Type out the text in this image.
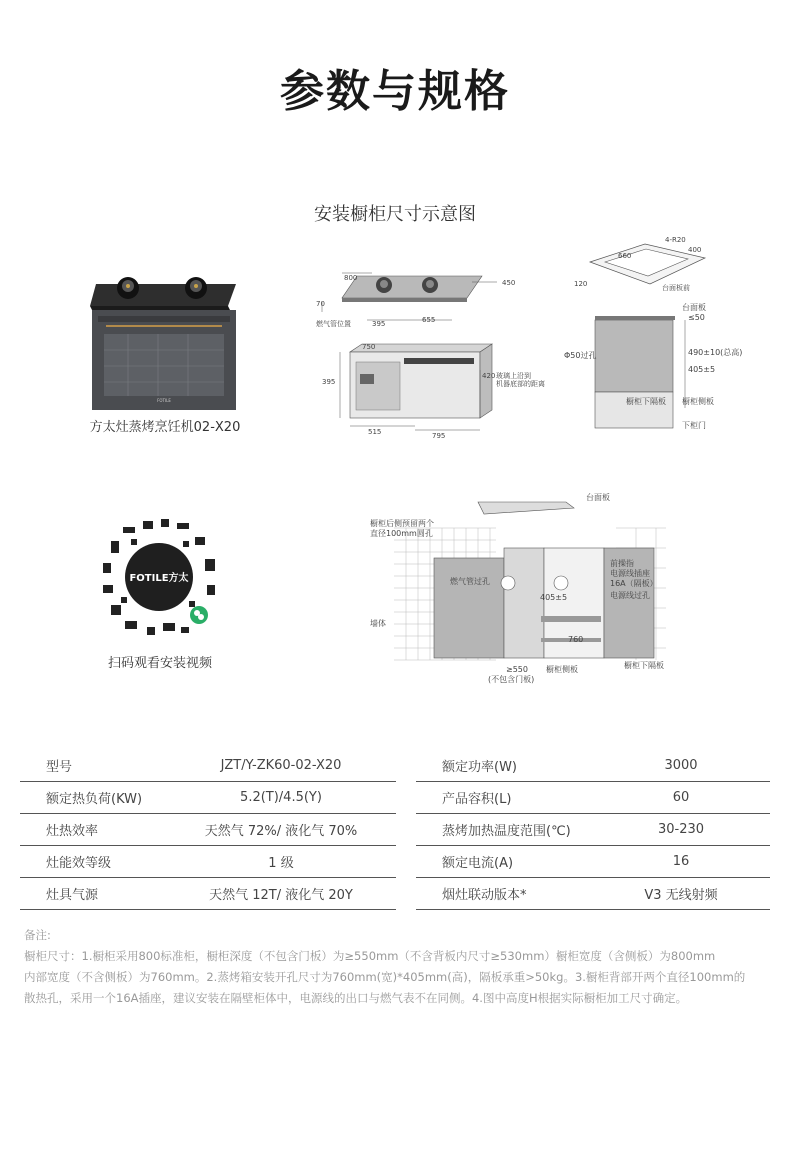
参数与规格
安装橱柜尺寸示意图
FOTILE
方太灶蒸烤烹饪机02-X20
800
450
70
395	655
燃气管位置
750
395
420 玻璃上沿到
机器底部的距离
515	795
4-R20
400
660
120	台面板前
台面板
≤50
Φ50过孔	490±10(总高)
405±5
橱柜下隔板 橱柜侧板
下柜门
FOTILE方太
扫码观看安装视频
台面板
橱柜后侧预留两个
直径100mm圆孔
燃气管过孔
前操指
电源线插座
16A（隔板）
电源线过孔
405±5
墙体
760
≥550
(不包含门板)
橱柜侧板	橱柜下隔板
型号	JZT/Y-ZK60-02-X20		额定功率(W)	3000
额定热负荷(KW)	5.2(T)/4.5(Y)		产品容积(L)	60
灶热效率	天然气 72%/ 液化气 70%		蒸烤加热温度范围(℃)	30-230
灶能效等级	1 级		额定电流(A)	16
灶具气源	天然气 12T/ 液化气 20Y		烟灶联动版本*	V3 无线射频
备注:
橱柜尺寸：1.橱柜采用800标准柜，橱柜深度（不包含门板）为≥550mm（不含背板内尺寸≥530mm）橱柜宽度（含侧板）为800mm
内部宽度（不含侧板）为760mm。2.蒸烤箱安装开孔尺寸为760mm(宽)*405mm(高)，隔板承重>50kg。3.橱柜背部开两个直径100mm的
散热孔，采用一个16A插座，建议安装在隔壁柜体中，电源线的出口与燃气表不在同侧。4.图中高度H根据实际橱柜加工尺寸确定。
